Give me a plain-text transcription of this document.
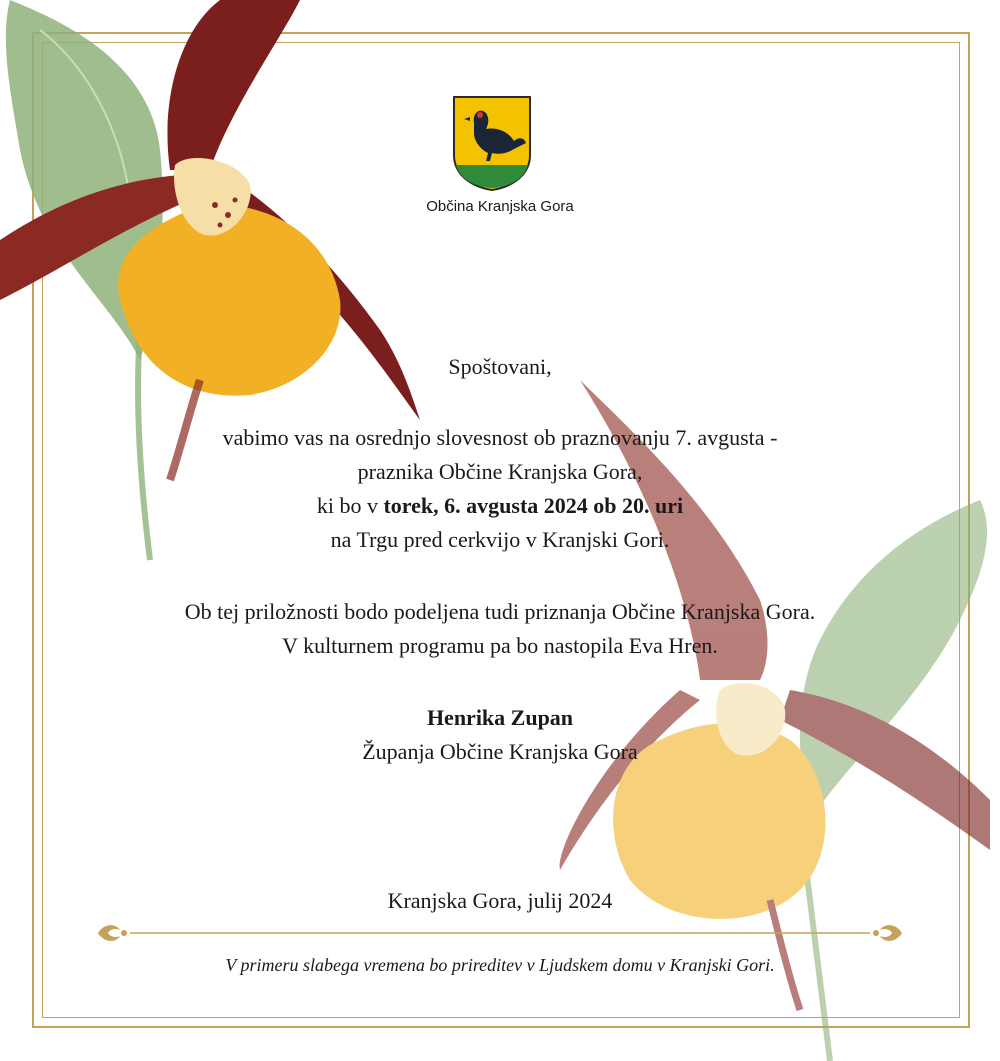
Občina Kranjska Gora

Spoštovani,

vabimo vas na osrednjo slovesnost ob praznovanju 7. avgusta -

praznika Občine Kranjska Gora,

ki bo v torek, 6. avgusta 2024 ob 20. uri

na Trgu pred cerkvijo v Kranjski Gori.

Ob tej priložnosti bodo podeljena tudi priznanja Občine Kranjska Gora.

V kulturnem programu pa bo nastopila Eva Hren.

Henrika Zupan

Županja Občine Kranjska Gora

Kranjska Gora, julij 2024

V primeru slabega vremena bo prireditev v Ljudskem domu v Kranjski Gori.
